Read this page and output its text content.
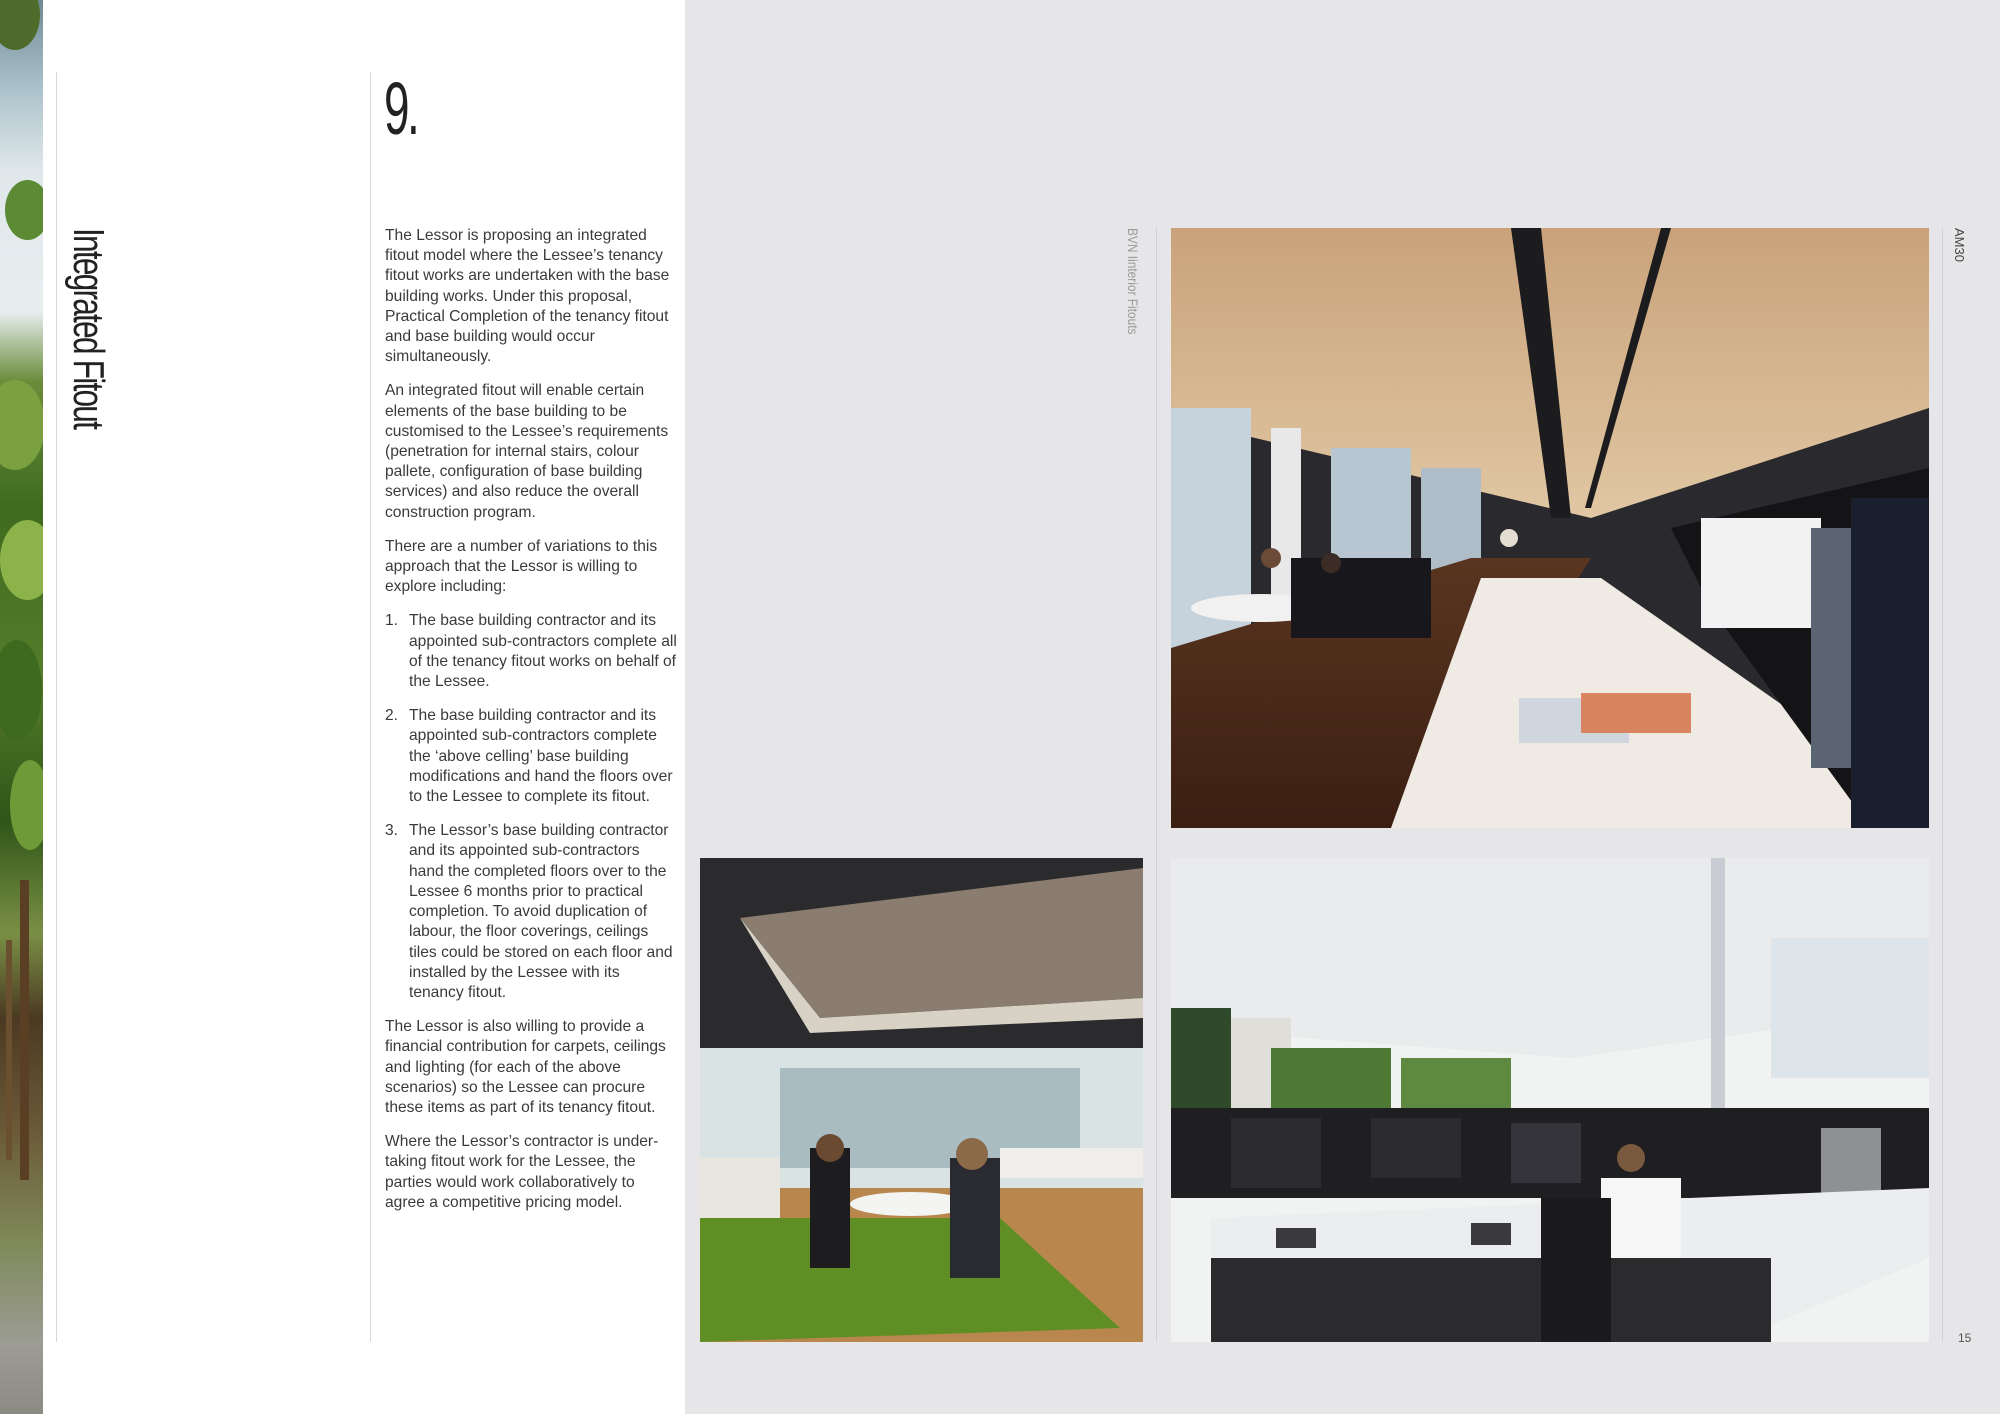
Integrated Fitout
9.

The Lessor is proposing an integrated fitout model where the Lessee’s tenancy fitout works are undertaken with the base building works. Under this proposal, Practical Completion of the tenancy fitout and base building would occur simultaneously.

An integrated fitout will enable certain elements of the base building to be customised to the Lessee’s requirements (penetration for internal stairs, colour pallete, configuration of base building services) and also reduce the overall construction program.

There are a number of variations to this approach that the Lessor is willing to explore including:

1. The base building contractor and its appointed sub-contractors complete all of the tenancy fitout works on behalf of the Lessee.
2. The base building contractor and its appointed sub-contractors complete the ‘above celling’ base building modifications and hand the floors over to the Lessee to complete its fitout.
3. The Lessor’s base building contractor and its appointed sub-contractors hand the completed floors over to the Lessee 6 months prior to practical completion. To avoid duplication of labour, the floor coverings, ceilings tiles could be stored on each floor and installed by the Lessee with its tenancy fitout.

The Lessor is also willing to provide a financial contribution for carpets, ceilings and lighting (for each of the above scenarios) so the Lessee can procure these items as part of its tenancy fitout.

Where the Lessor’s contractor is under-taking fitout work for the Lessee, the parties would work collaboratively to agree a competitive pricing model.

BVN Iinterior Fitouts	AM30
15
